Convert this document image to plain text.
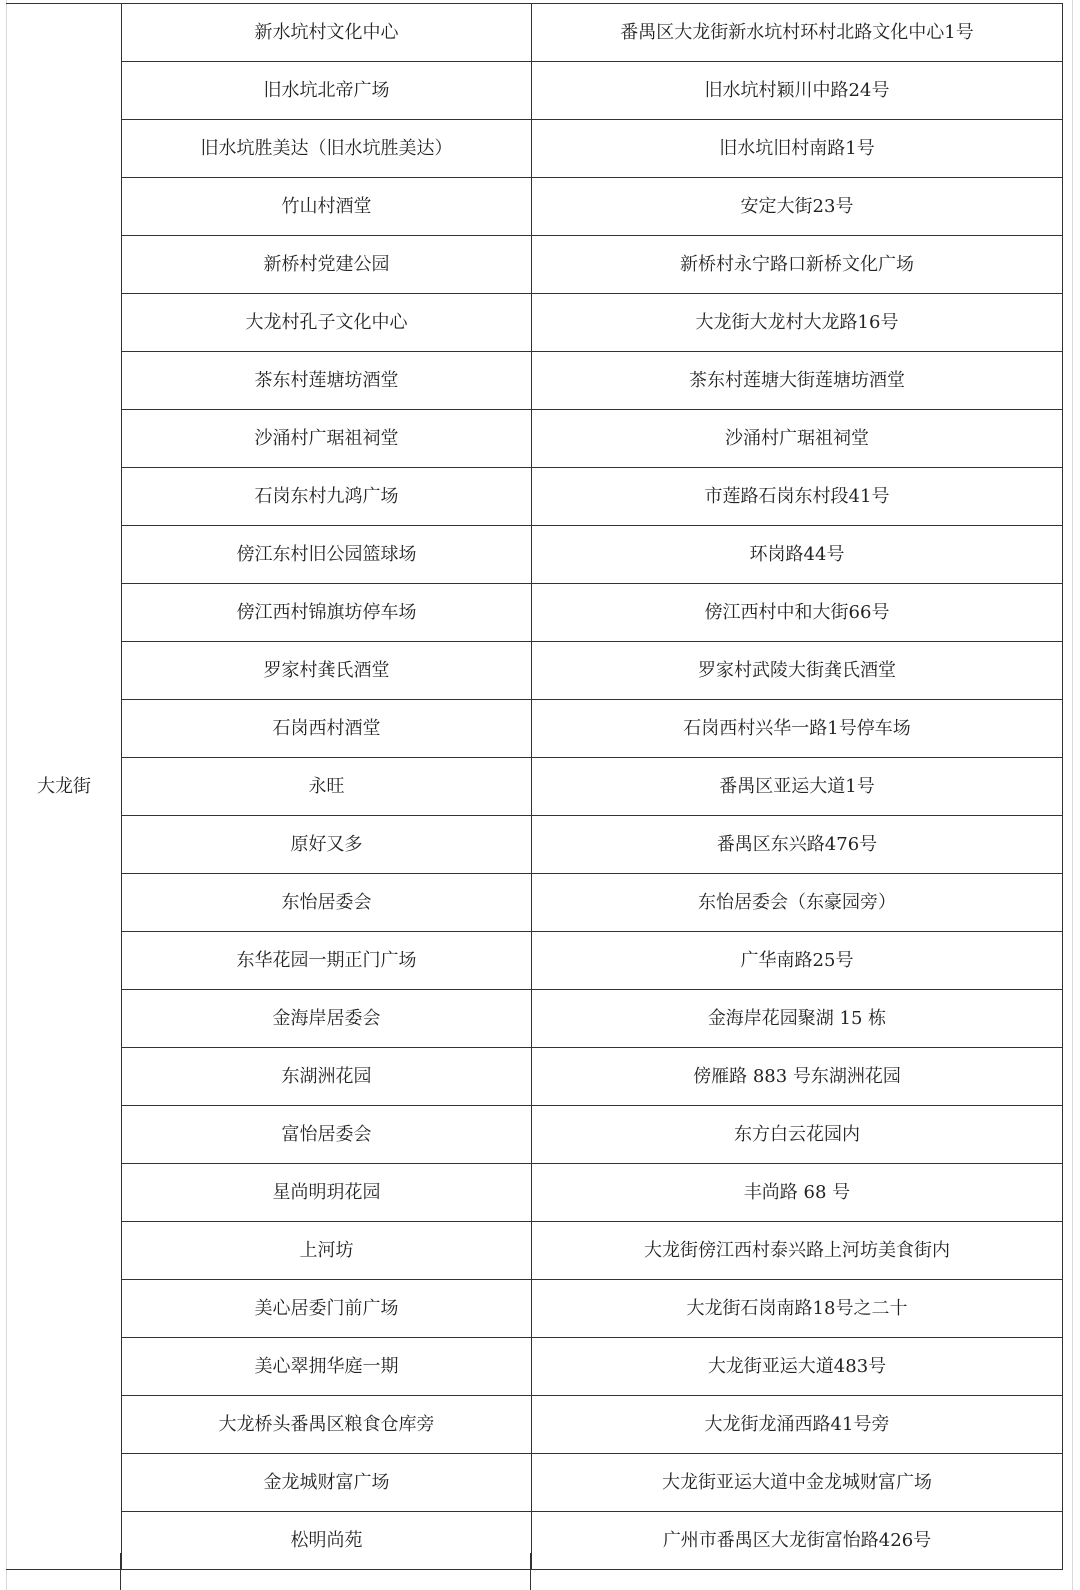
大龙街	新水坑村文化中心	番禺区大龙街新水坑村环村北路文化中心1号
	旧水坑北帝广场	旧水坑村颖川中路24号
	旧水坑胜美达（旧水坑胜美达）	旧水坑旧村南路1号
	竹山村酒堂	安定大街23号
	新桥村党建公园	新桥村永宁路口新桥文化广场
	大龙村孔子文化中心	大龙街大龙村大龙路16号
	茶东村莲塘坊酒堂	茶东村莲塘大街莲塘坊酒堂
	沙涌村广琚祖祠堂	沙涌村广琚祖祠堂
	石岗东村九鸿广场	市莲路石岗东村段41号
	傍江东村旧公园篮球场	环岗路44号
	傍江西村锦旗坊停车场	傍江西村中和大街66号
	罗家村龚氏酒堂	罗家村武陵大街龚氏酒堂
	石岗西村酒堂	石岗西村兴华一路1号停车场
	永旺	番禺区亚运大道1号
	原好又多	番禺区东兴路476号
	东怡居委会	东怡居委会（东豪园旁）
	东华花园一期正门广场	广华南路25号
	金海岸居委会	金海岸花园聚湖 15 栋
	东湖洲花园	傍雁路 883 号东湖洲花园
	富怡居委会	东方白云花园内
	星尚明玥花园	丰尚路 68 号
	上河坊	大龙街傍江西村泰兴路上河坊美食街内
	美心居委门前广场	大龙街石岗南路18号之二十
	美心翠拥华庭一期	大龙街亚运大道483号
	大龙桥头番禺区粮食仓库旁	大龙街龙涌西路41号旁
	金龙城财富广场	大龙街亚运大道中金龙城财富广场
	松明尚苑	广州市番禺区大龙街富怡路426号
